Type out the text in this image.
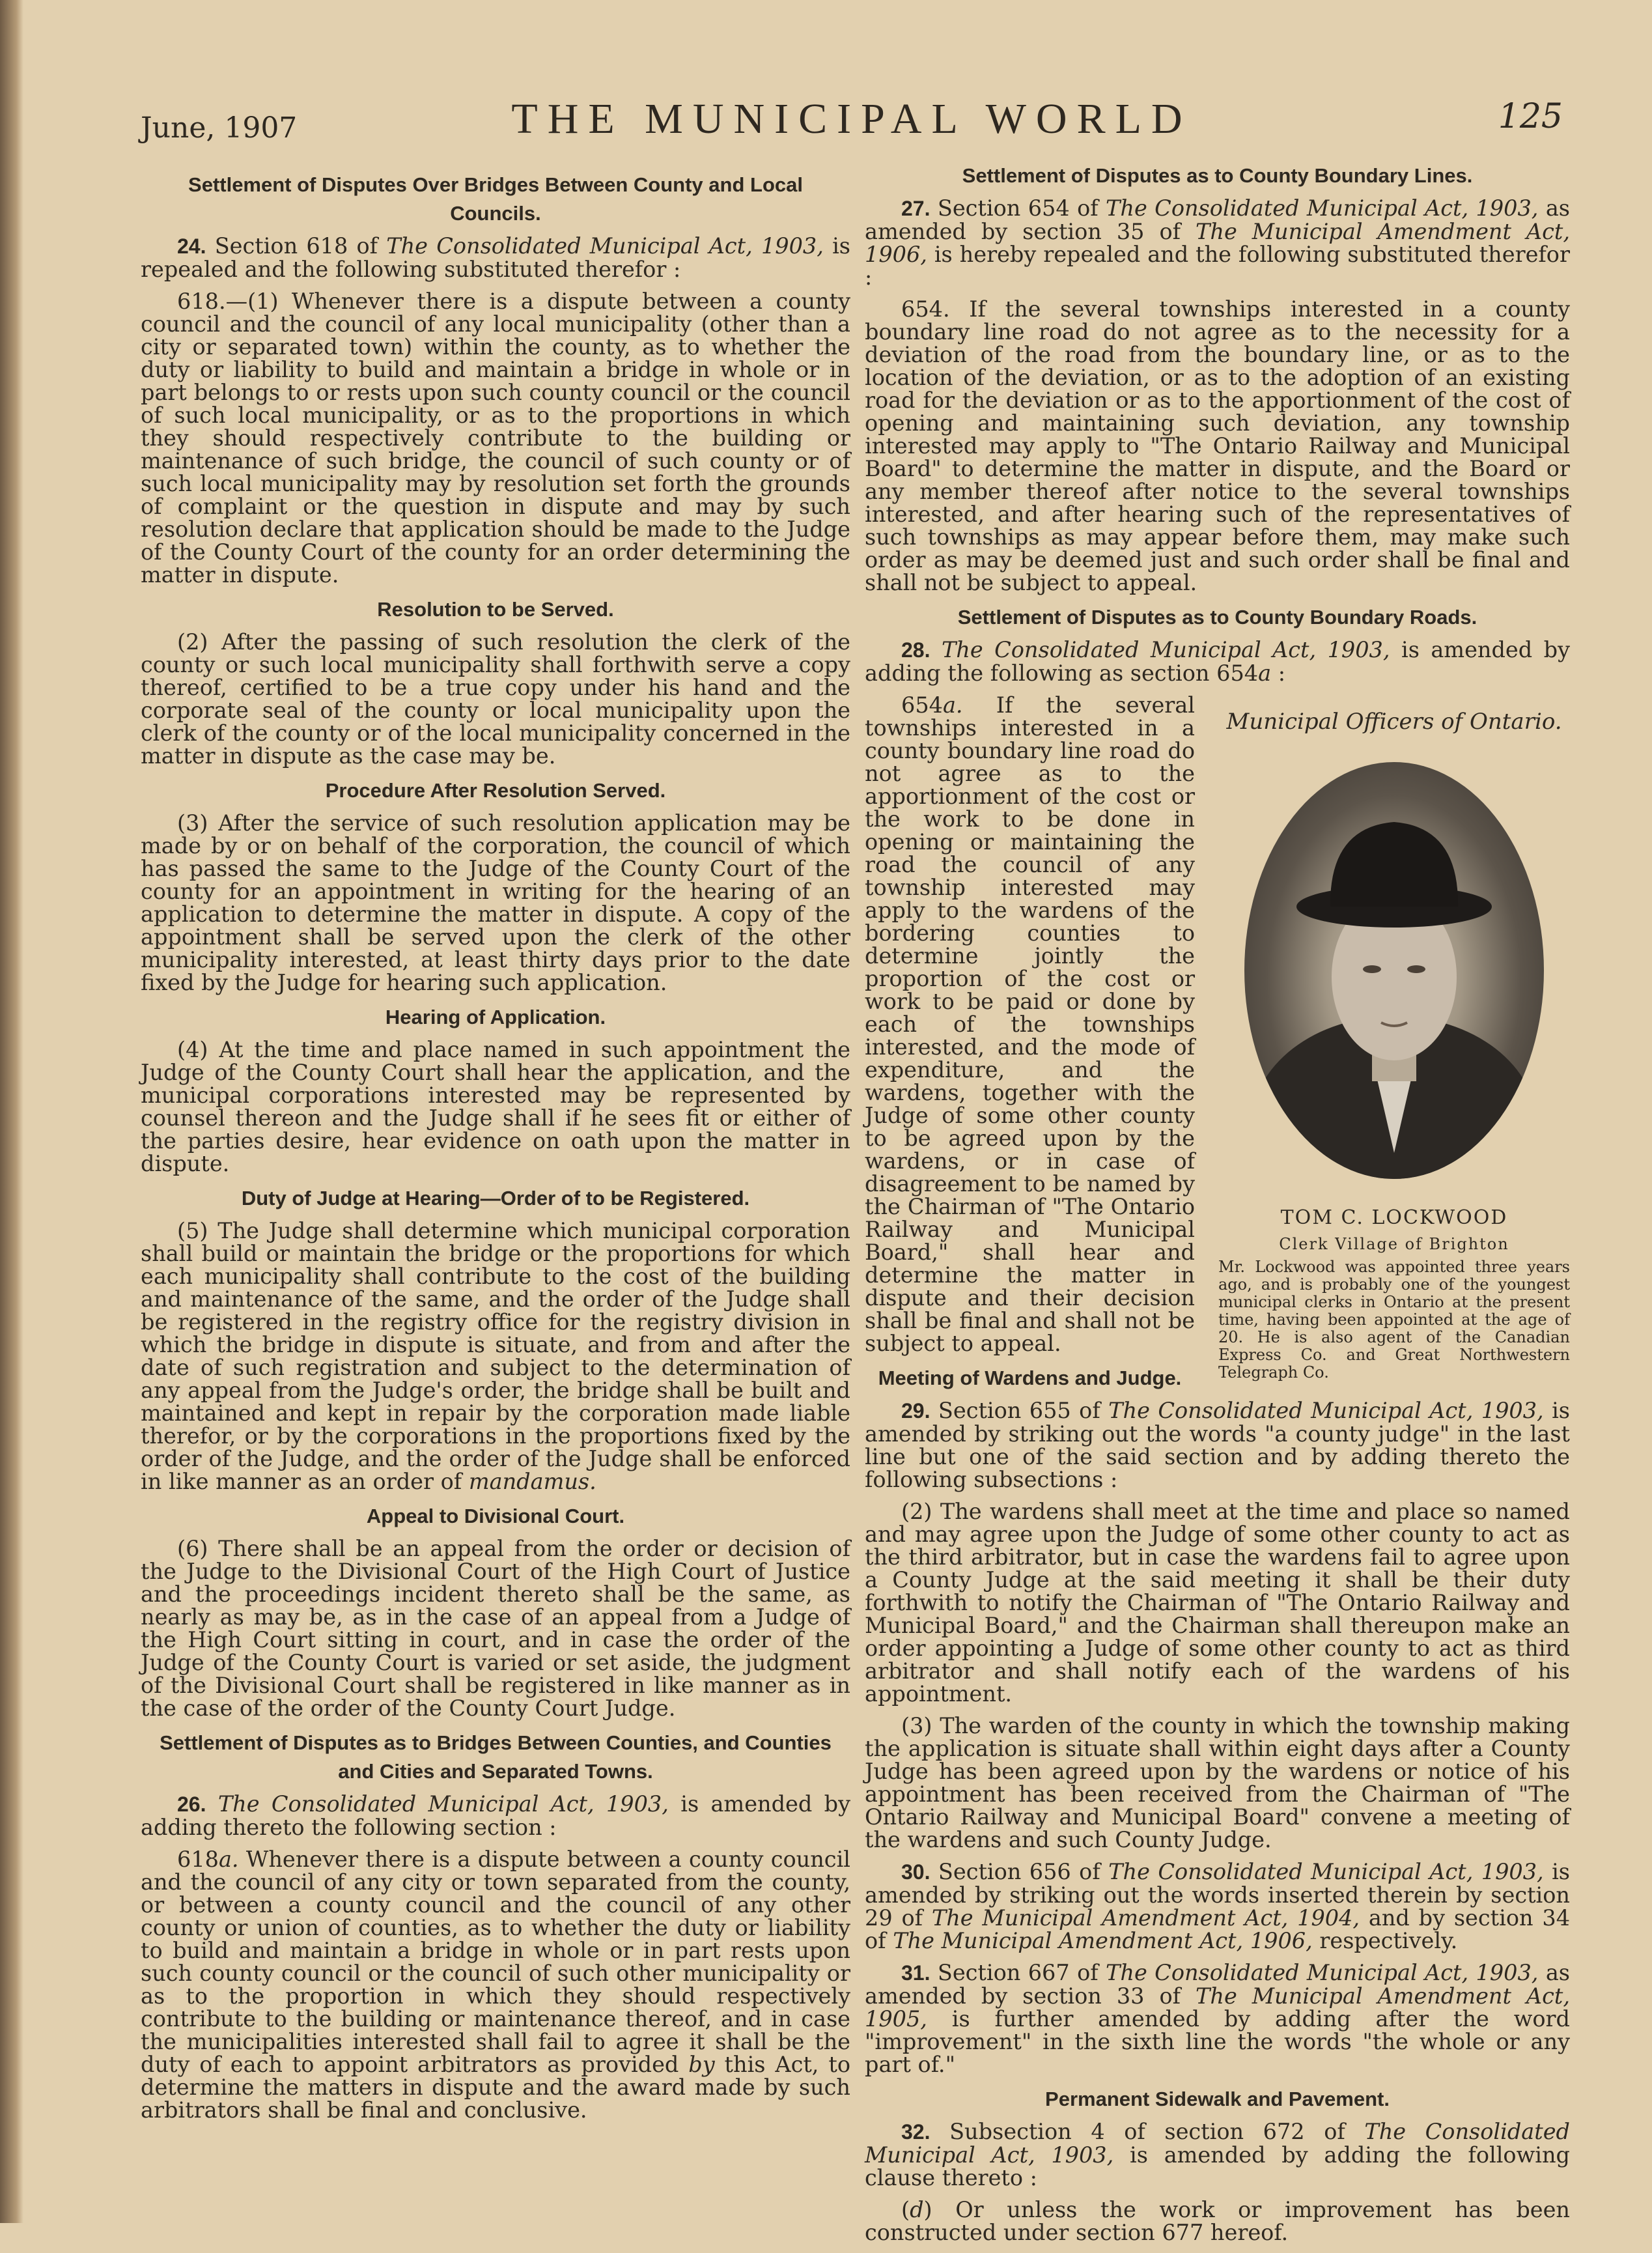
June, 1907	THE MUNICIPAL WORLD	125
Settlement of Disputes Over Bridges Between County and Local Councils.

24. Section 618 of The Consolidated Municipal Act, 1903, is repealed and the following substituted therefor :

618.—(1) Whenever there is a dispute between a county council and the council of any local municipality (other than a city or separated town) within the county, as to whether the duty or liability to build and maintain a bridge in whole or in part belongs to or rests upon such county council or the council of such local municipality, or as to the proportions in which they should respectively contribute to the building or maintenance of such bridge, the council of such county or of such local municipality may by resolution set forth the grounds of complaint or the question in dispute and may by such resolution declare that application should be made to the Judge of the County Court of the county for an order determining the matter in dispute.

Resolution to be Served.

(2) After the passing of such resolution the clerk of the county or such local municipality shall forthwith serve a copy thereof, certified to be a true copy under his hand and the corporate seal of the county or local municipality upon the clerk of the county or of the local municipality concerned in the matter in dispute as the case may be.

Procedure After Resolution Served.

(3) After the service of such resolution application may be made by or on behalf of the corporation, the council of which has passed the same to the Judge of the County Court of the county for an appointment in writing for the hearing of an application to determine the matter in dispute. A copy of the appointment shall be served upon the clerk of the other municipality interested, at least thirty days prior to the date fixed by the Judge for hearing such application.

Hearing of Application.

(4) At the time and place named in such appointment the Judge of the County Court shall hear the application, and the municipal corporations interested may be represented by counsel thereon and the Judge shall if he sees fit or either of the parties desire, hear evidence on oath upon the matter in dispute.

Duty of Judge at Hearing—Order of to be Registered.

(5) The Judge shall determine which municipal corporation shall build or maintain the bridge or the proportions for which each municipality shall contribute to the cost of the building and maintenance of the same, and the order of the Judge shall be registered in the registry office for the registry division in which the bridge in dispute is situate, and from and after the date of such registration and subject to the determination of any appeal from the Judge's order, the bridge shall be built and maintained and kept in repair by the corporation made liable therefor, or by the corporations in the proportions fixed by the order of the Judge, and the order of the Judge shall be enforced in like manner as an order of mandamus.

Appeal to Divisional Court.

(6) There shall be an appeal from the order or decision of the Judge to the Divisional Court of the High Court of Justice and the proceedings incident thereto shall be the same, as nearly as may be, as in the case of an appeal from a Judge of the High Court sitting in court, and in case the order of the Judge of the County Court is varied or set aside, the judgment of the Divisional Court shall be registered in like manner as in the case of the order of the County Court Judge.

Settlement of Disputes as to Bridges Between Counties, and Counties and Cities and Separated Towns.

26. The Consolidated Municipal Act, 1903, is amended by adding thereto the following section :

618a. Whenever there is a dispute between a county council and the council of any city or town separated from the county, or between a county council and the council of any other county or union of counties, as to whether the duty or liability to build and maintain a bridge in whole or in part rests upon such county council or the council of such other municipality or as to the proportion in which they should respectively contribute to the building or maintenance thereof, and in case the municipalities interested shall fail to agree it shall be the duty of each to appoint arbitrators as provided by this Act, to determine the matters in dispute and the award made by such arbitrators shall be final and conclusive.

Settlement of Disputes as to County Boundary Lines.

27. Section 654 of The Consolidated Municipal Act, 1903, as amended by section 35 of The Municipal Amendment Act, 1906, is hereby repealed and the following substituted therefor :

654. If the several townships interested in a county boundary line road do not agree as to the necessity for a deviation of the road from the boundary line, or as to the location of the deviation, or as to the adoption of an existing road for the deviation or as to the apportionment of the cost of opening and maintaining such deviation, any township interested may apply to "The Ontario Railway and Municipal Board" to determine the matter in dispute, and the Board or any member thereof after notice to the several townships interested, and after hearing such of the representatives of such townships as may appear before them, may make such order as may be deemed just and such order shall be final and shall not be subject to appeal.

Settlement of Disputes as to County Boundary Roads.

28. The Consolidated Municipal Act, 1903, is amended by adding the following as section 654a :

Municipal Officers of Ontario.
TOM C. LOCKWOOD
Clerk Village of Brighton
Mr. Lockwood was appointed three years ago, and is probably one of the youngest municipal clerks in Ontario at the present time, having been appointed at the age of 20. He is also agent of the Canadian Express Co. and Great Northwestern Telegraph Co.

654a. If the several townships interested in a county boundary line road do not agree as to the apportionment of the cost or the work to be done in opening or maintaining the road the council of any township interested may apply to the wardens of the bordering counties to determine jointly the proportion of the cost or work to be paid or done by each of the townships interested, and the mode of expenditure, and the wardens, together with the Judge of some other county to be agreed upon by the wardens, or in case of disagreement to be named by the Chairman of "The Ontario Railway and Municipal Board," shall hear and determine the matter in dispute and their decision shall be final and shall not be subject to appeal.

Meeting of Wardens and Judge.

29. Section 655 of The Consolidated Municipal Act, 1903, is amended by striking out the words "a county judge" in the last line but one of the said section and by adding thereto the following subsections :

(2) The wardens shall meet at the time and place so named and may agree upon the Judge of some other county to act as the third arbitrator, but in case the wardens fail to agree upon a County Judge at the said meeting it shall be their duty forthwith to notify the Chairman of "The Ontario Railway and Municipal Board," and the Chairman shall thereupon make an order appointing a Judge of some other county to act as third arbitrator and shall notify each of the wardens of his appointment.

(3) The warden of the county in which the township making the application is situate shall within eight days after a County Judge has been agreed upon by the wardens or notice of his appointment has been received from the Chairman of "The Ontario Railway and Municipal Board" convene a meeting of the wardens and such County Judge.

30. Section 656 of The Consolidated Municipal Act, 1903, is amended by striking out the words inserted therein by section 29 of The Municipal Amendment Act, 1904, and by section 34 of The Municipal Amendment Act, 1906, respectively.

31. Section 667 of The Consolidated Municipal Act, 1903, as amended by section 33 of The Municipal Amendment Act, 1905, is further amended by adding after the word "improvement" in the sixth line the words "the whole or any part of."

Permanent Sidewalk and Pavement.

32. Subsection 4 of section 672 of The Consolidated Municipal Act, 1903, is amended by adding the following clause thereto :

(d) Or unless the work or improvement has been constructed under section 677 hereof.
